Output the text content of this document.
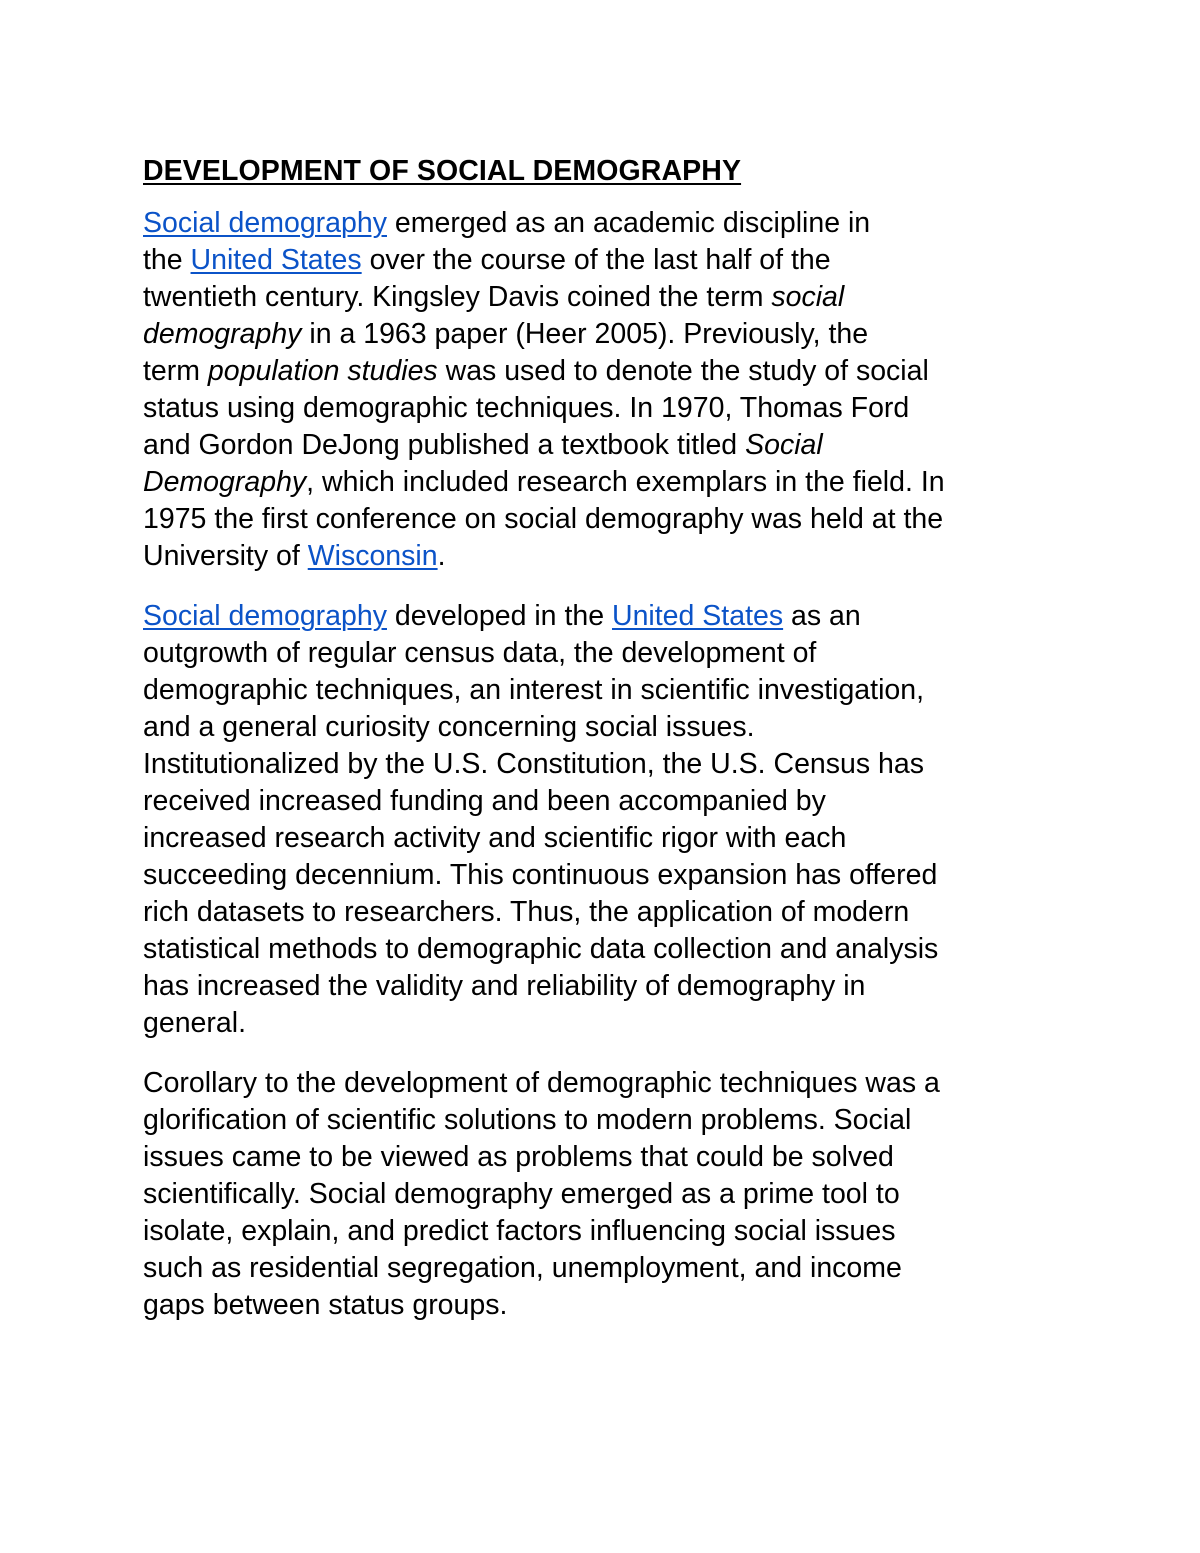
DEVELOPMENT OF SOCIAL DEMOGRAPHY

Social demography emerged as an academic discipline in
the United States over the course of the last half of the
twentieth century. Kingsley Davis coined the term social
demography in a 1963 paper (Heer 2005). Previously, the
term population studies was used to denote the study of social
status using demographic techniques. In 1970, Thomas Ford
and Gordon DeJong published a textbook titled Social
Demography, which included research exemplars in the field. In
1975 the first conference on social demography was held at the
University of Wisconsin.

Social demography developed in the United States as an
outgrowth of regular census data, the development of
demographic techniques, an interest in scientific investigation,
and a general curiosity concerning social issues.
Institutionalized by the U.S. Constitution, the U.S. Census has
received increased funding and been accompanied by
increased research activity and scientific rigor with each
succeeding decennium. This continuous expansion has offered
rich datasets to researchers. Thus, the application of modern
statistical methods to demographic data collection and analysis
has increased the validity and reliability of demography in
general.

Corollary to the development of demographic techniques was a
glorification of scientific solutions to modern problems. Social
issues came to be viewed as problems that could be solved
scientifically. Social demography emerged as a prime tool to
isolate, explain, and predict factors influencing social issues
such as residential segregation, unemployment, and income
gaps between status groups.
